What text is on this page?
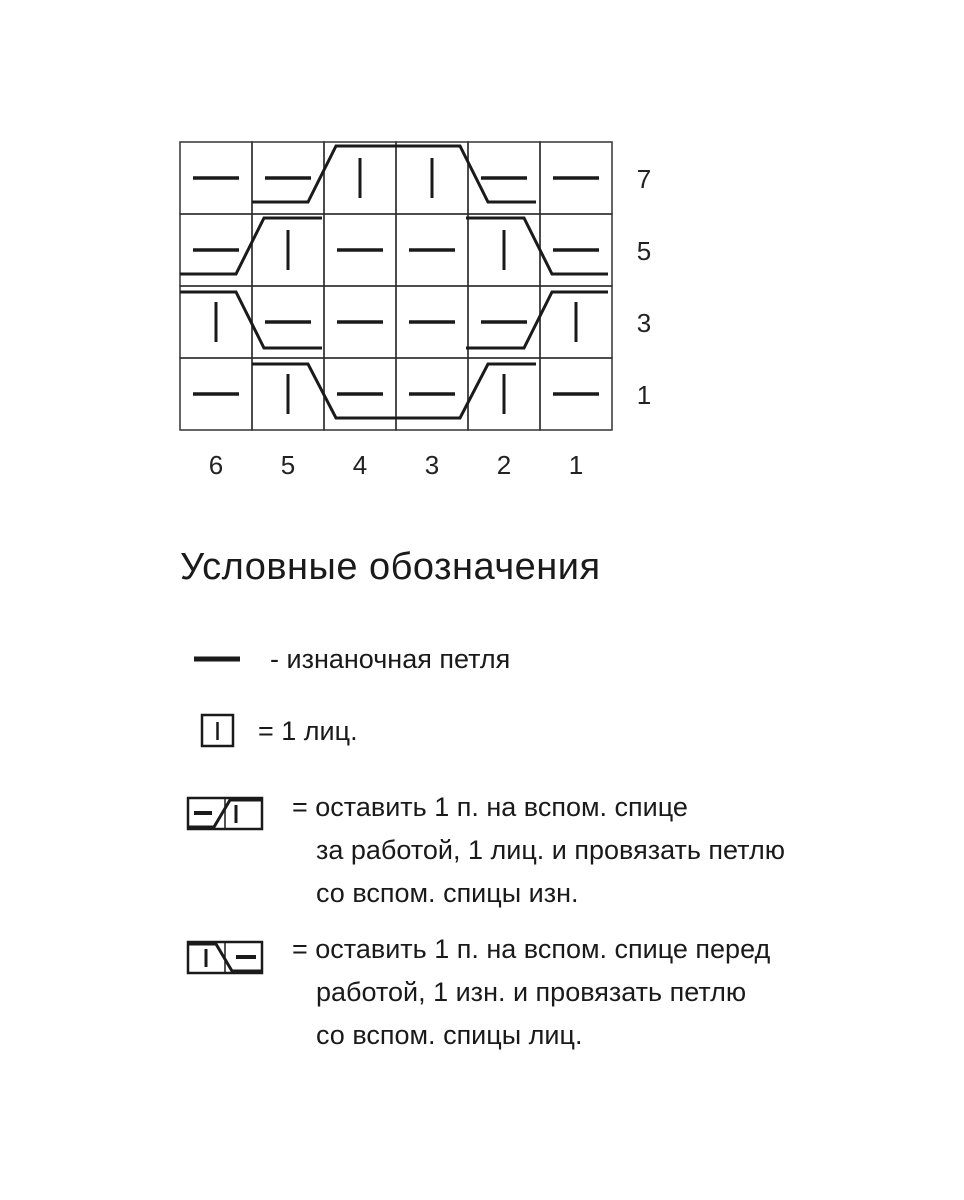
6 5 4 3 2 1
7
5
3
1
Условные обозначения
- изнаночная петля
= 1 лиц.
= оставить 1 п. на вспом. спице
за работой, 1 лиц. и провязать петлю
со вспом. спицы изн.
= оставить 1 п. на вспом. спице перед
работой, 1 изн. и провязать петлю
со вспом. спицы лиц.
